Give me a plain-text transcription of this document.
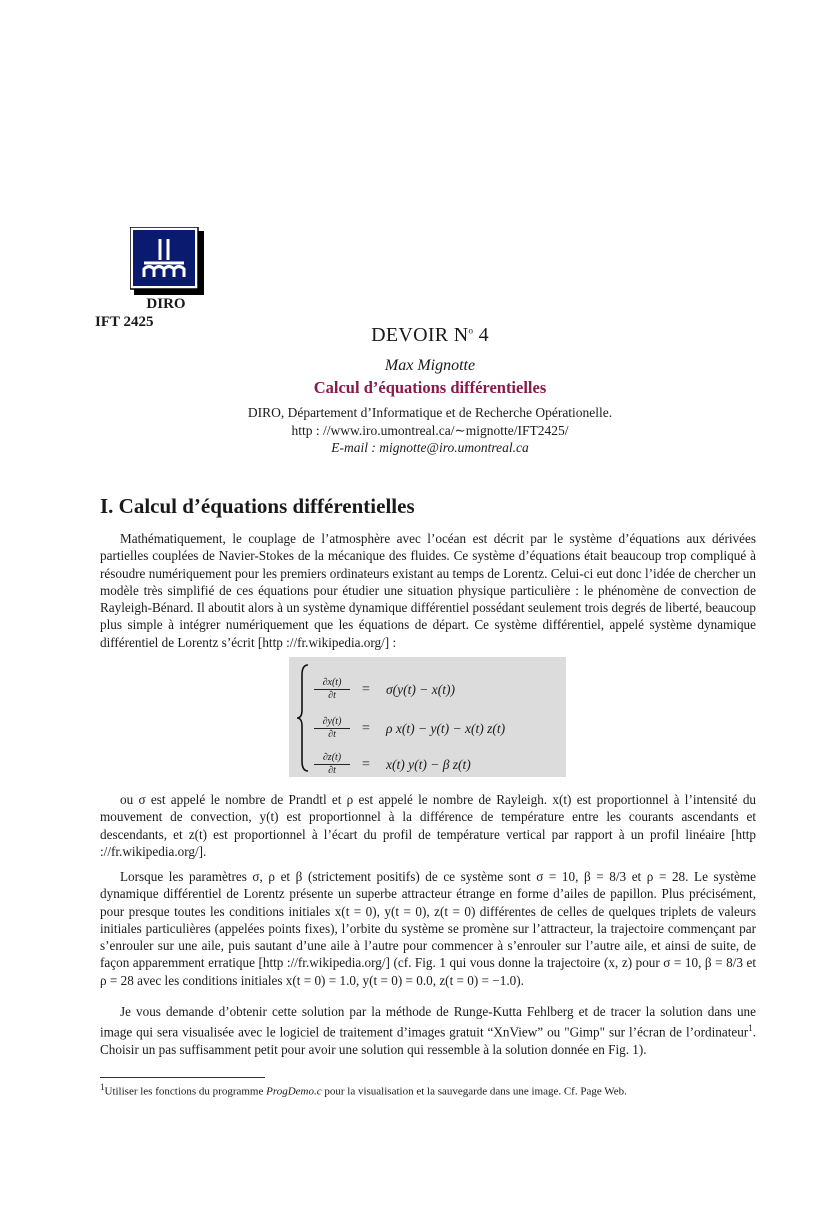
DIRO
IFT 2425
DEVOIR $N^o$ 4
Max Mignotte
Calcul d’équations différentielles
DIRO, Département d’Informatique et de Recherche Opérationelle.
http : //www.iro.umontreal.ca/∼mignotte/IFT2425/
E-mail : mignotte@iro.umontreal.ca
I. Calcul d’équations différentielles
Mathématiquement, le couplage de l’atmosphère avec l’océan est décrit par le système d’équations aux dérivées partielles couplées de Navier-Stokes de la mécanique des fluides. Ce système d’équations était beaucoup trop compliqué à résoudre numériquement pour les premiers ordinateurs existant au temps de Lorentz. Celui-ci eut donc l’idée de chercher un modèle très simplifié de ces équations pour étudier une situation physique particulière : le phénomène de convection de Rayleigh-Bénard. Il aboutit alors à un système dynamique différentiel possédant seulement trois degrés de liberté, beaucoup plus simple à intégrer numériquement que les équations de départ. Ce système différentiel, appelé système dynamique différentiel de Lorentz s’écrit [http ://fr.wikipedia.org/] :
$\frac{\partial x(t)}{\partial t} = \sigma(y(t) - x(t))$
$\frac{\partial y(t)}{\partial t} = \rho$ x(t) − y(t) − x(t) z(t)
$\frac{\partial z(t)}{\partial t} = x(t) y(t) - \beta$ z(t)
ou σ est appelé le nombre de Prandtl et ρ est appelé le nombre de Rayleigh. x(t) est proportionnel à l’intensité du mouvement de convection, y(t) est proportionnel à la différence de température entre les courants ascendants et descendants, et z(t) est proportionnel à l’écart du profil de température vertical par rapport à un profil linéaire [http ://fr.wikipedia.org/].
Lorsque les paramètres σ, ρ et β (strictement positifs) de ce système sont σ = 10, β = 8/3 et ρ = 28. Le système dynamique différentiel de Lorentz présente un superbe attracteur étrange en forme d’ailes de papillon. Plus précisément, pour presque toutes les conditions initiales x(t = 0), y(t = 0), z(t = 0) différentes de celles de quelques triplets de valeurs initiales particulières (appelées points fixes), l’orbite du système se promène sur l’attracteur, la trajectoire commençant par s’enrouler sur une aile, puis sautant d’une aile à l’autre pour commencer à s’enrouler sur l’autre aile, et ainsi de suite, de façon apparemment erratique [http ://fr.wikipedia.org/] (cf. Fig. 1 qui vous donne la trajectoire (x, z) pour σ = 10, β = 8/3 et ρ = 28 avec les conditions initiales x(t = 0) = 1.0, y(t = 0) = 0.0, z(t = 0) = −1.0).
Je vous demande d’obtenir cette solution par la méthode de Runge-Kutta Fehlberg et de tracer la solution dans une image qui sera visualisée avec le logiciel de traitement d’images gratuit “XnView” ou "Gimp" sur l’écran de l’ordinateur$^1$. Choisir un pas suffisamment petit pour avoir une solution qui ressemble à la solution donnée en Fig. 1).
$^1$Utiliser les fonctions du programme ProgDemo.c pour la visualisation et la sauvegarde dans une image. Cf. Page Web.
